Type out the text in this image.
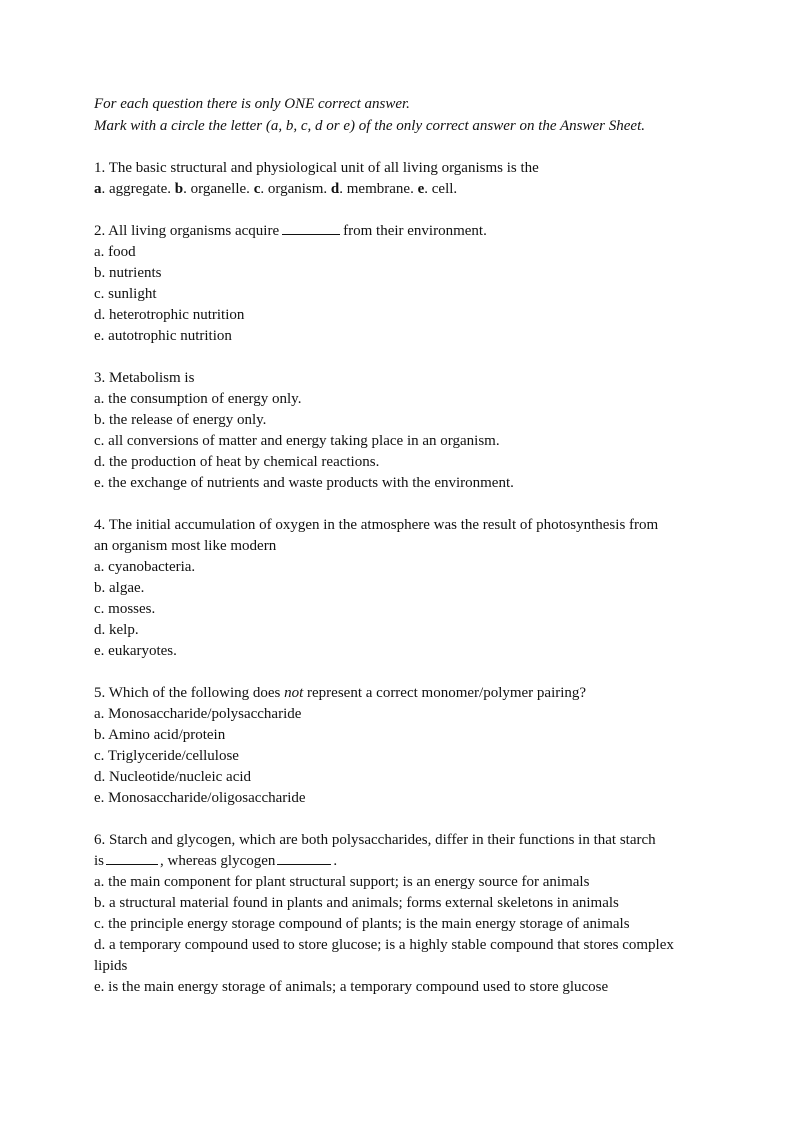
For each question there is only ONE correct answer.
Mark with a circle the letter (a, b, c, d or e) of the only correct answer on the Answer Sheet.
1. The basic structural and physiological unit of all living organisms is the
a. aggregate. b. organelle. c. organism. d. membrane. e. cell.
2. All living organisms acquire	from their environment.
a. food
b. nutrients
c. sunlight
d. heterotrophic nutrition
e. autotrophic nutrition
3. Metabolism is
a. the consumption of energy only.
b. the release of energy only.
c. all conversions of matter and energy taking place in an organism.
d. the production of heat by chemical reactions.
e. the exchange of nutrients and waste products with the environment.
4. The initial accumulation of oxygen in the atmosphere was the result of photosynthesis from
an organism most like modern
a. cyanobacteria.
b. algae.
c. mosses.
d. kelp.
e. eukaryotes.
5. Which of the following does not represent a correct monomer/polymer pairing?
a. Monosaccharide/polysaccharide
b. Amino acid/protein
c. Triglyceride/cellulose
d. Nucleotide/nucleic acid
e. Monosaccharide/oligosaccharide
6. Starch and glycogen, which are both polysaccharides, differ in their functions in that starch
is	, whereas glycogen	.
a. the main component for plant structural support; is an energy source for animals
b. a structural material found in plants and animals; forms external skeletons in animals
c. the principle energy storage compound of plants; is the main energy storage of animals
d. a temporary compound used to store glucose; is a highly stable compound that stores complex lipids
e. is the main energy storage of animals; a temporary compound used to store glucose
